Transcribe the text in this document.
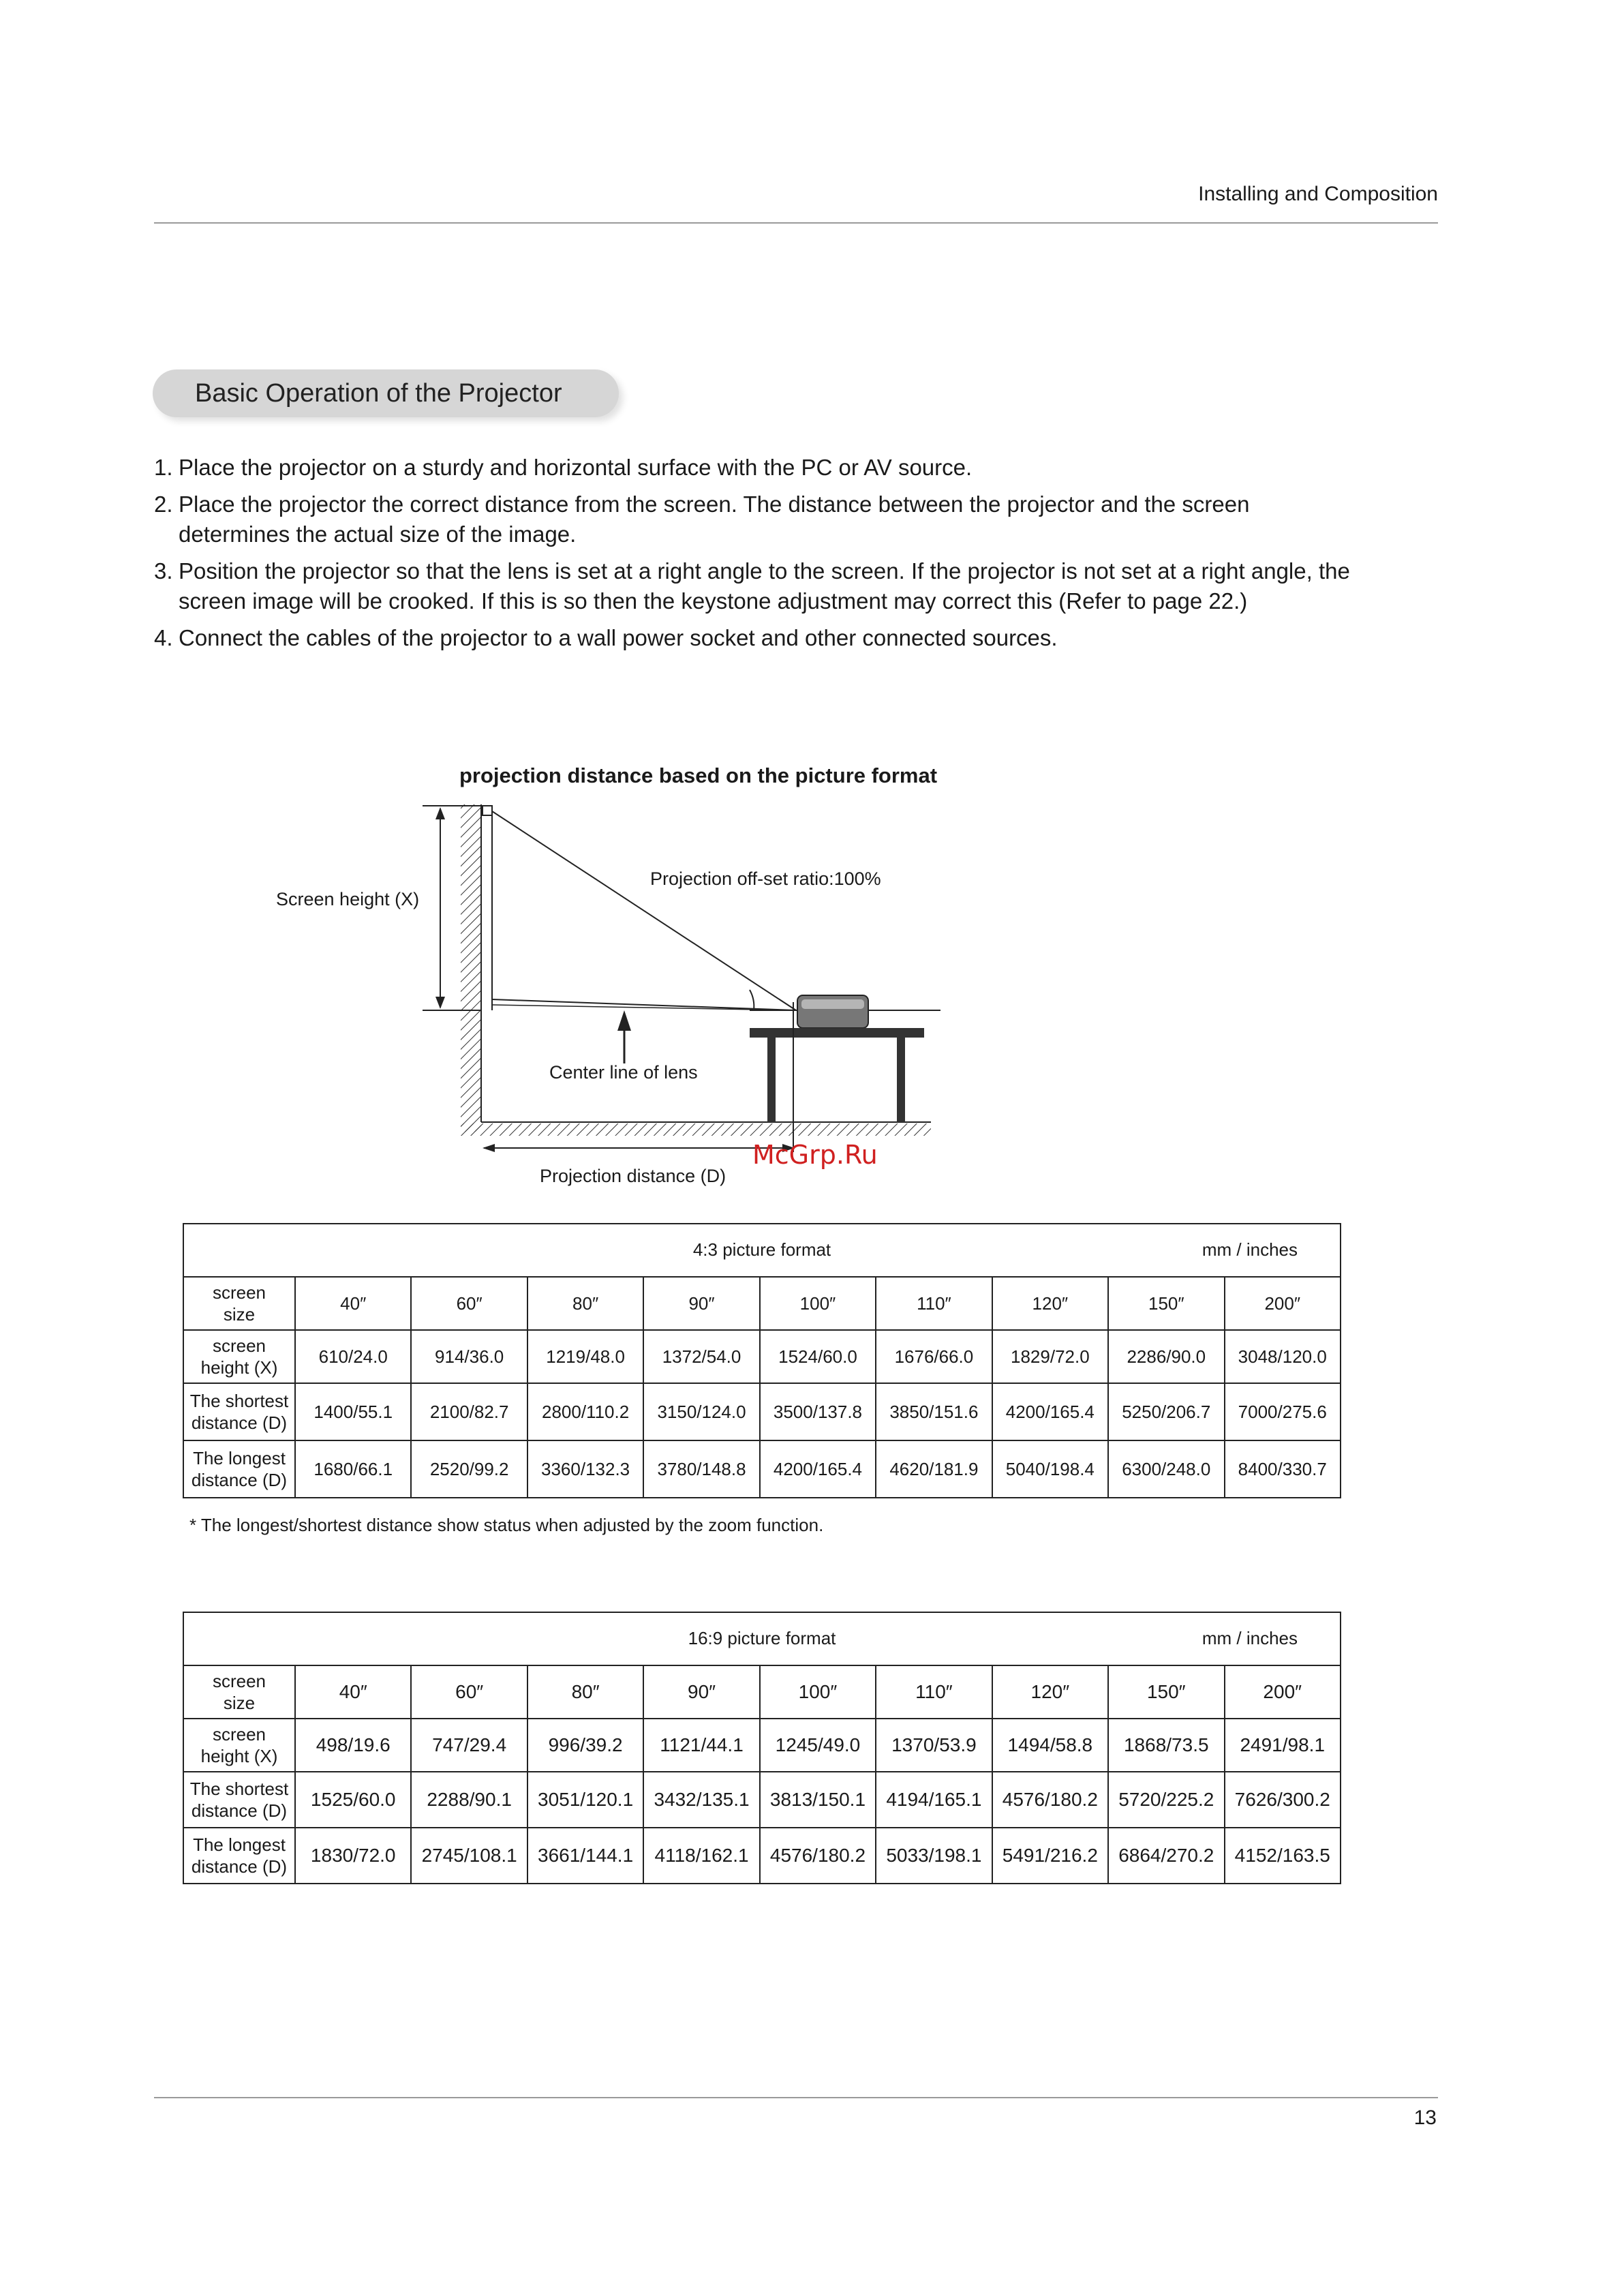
Installing and Composition
Basic Operation of the Projector
1. Place the projector on a sturdy and horizontal surface with the PC or AV source.
2. Place the projector the correct distance from the screen. The distance between the projector and the screen determines the actual size of the image.
3. Position the projector so that the lens is set at a right angle to the screen. If the projector is not set at a right angle, the screen image will be crooked. If this is so then the keystone adjustment may correct this (Refer to page 22.)
4. Connect the cables of the projector to a wall power socket and other connected sources.
projection distance based on the picture format
Screen height (X)
Projection off-set ratio:100%
Center line of lens
Projection distance (D)
McGrp.Ru
4:3 picture format mm / inches									

screen
size	40″	60″	80″	90″	100″	110″	120″	150″	200″
screen
height (X)	610/24.0	914/36.0	1219/48.0	1372/54.0	1524/60.0	1676/66.0	1829/72.0	2286/90.0	3048/120.0
The shortest
distance (D)	1400/55.1	2100/82.7	2800/110.2	3150/124.0	3500/137.8	3850/151.6	4200/165.4	5250/206.7	7000/275.6
The longest
distance (D)	1680/66.1	2520/99.2	3360/132.3	3780/148.8	4200/165.4	4620/181.9	5040/198.4	6300/248.0	8400/330.7
* The longest/shortest distance show status when adjusted by the zoom function.
16:9 picture format mm / inches									

screen
size	40″	60″	80″	90″	100″	110″	120″	150″	200″
screen
height (X)	498/19.6	747/29.4	996/39.2	1121/44.1	1245/49.0	1370/53.9	1494/58.8	1868/73.5	2491/98.1
The shortest
distance (D)	1525/60.0	2288/90.1	3051/120.1	3432/135.1	3813/150.1	4194/165.1	4576/180.2	5720/225.2	7626/300.2
The longest
distance (D)	1830/72.0	2745/108.1	3661/144.1	4118/162.1	4576/180.2	5033/198.1	5491/216.2	6864/270.2	4152/163.5
13
